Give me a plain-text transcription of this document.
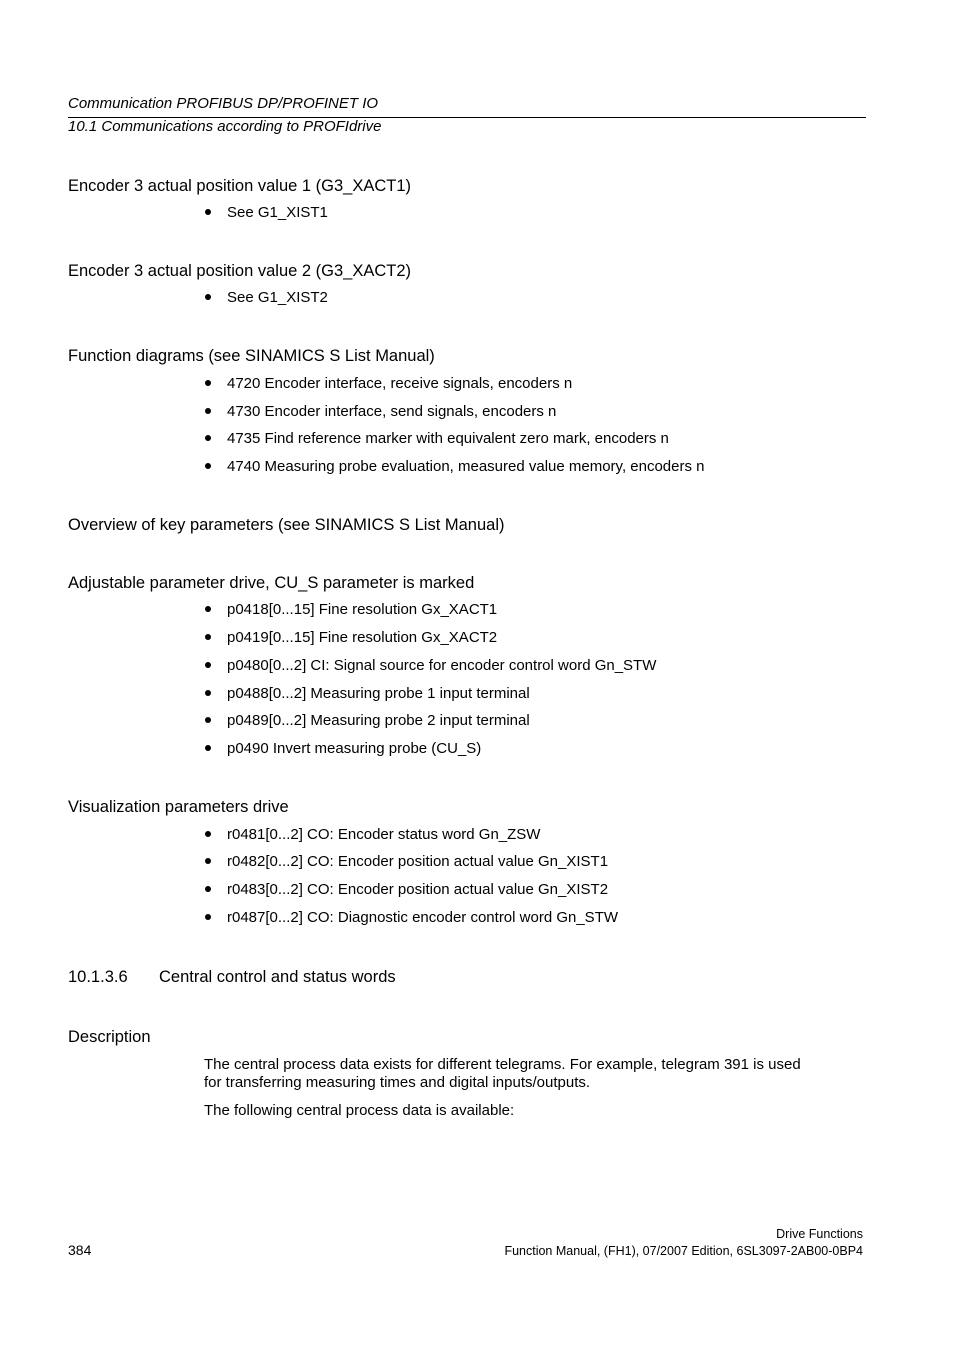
Communication PROFIBUS DP/PROFINET IO
10.1 Communications according to PROFIdrive
Encoder 3 actual position value 1 (G3_XACT1)
See G1_XIST1
Encoder 3 actual position value 2 (G3_XACT2)
See G1_XIST2
Function diagrams (see SINAMICS S List Manual)
4720 Encoder interface, receive signals, encoders n
4730 Encoder interface, send signals, encoders n
4735 Find reference marker with equivalent zero mark, encoders n
4740 Measuring probe evaluation, measured value memory, encoders n
Overview of key parameters (see SINAMICS S List Manual)
Adjustable parameter drive, CU_S parameter is marked
p0418[0...15] Fine resolution Gx_XACT1
p0419[0...15] Fine resolution Gx_XACT2
p0480[0...2] CI: Signal source for encoder control word Gn_STW
p0488[0...2] Measuring probe 1 input terminal
p0489[0...2] Measuring probe 2 input terminal
p0490 Invert measuring probe (CU_S)
Visualization parameters drive
r0481[0...2] CO: Encoder status word Gn_ZSW
r0482[0...2] CO: Encoder position actual value Gn_XIST1
r0483[0...2] CO: Encoder position actual value Gn_XIST2
r0487[0...2] CO: Diagnostic encoder control word Gn_STW
10.1.3.6 Central control and status words
Description
The central process data exists for different telegrams. For example, telegram 391 is used
for transferring measuring times and digital inputs/outputs.
The following central process data is available:
Drive Functions
384	Function Manual, (FH1), 07/2007 Edition, 6SL3097-2AB00-0BP4
